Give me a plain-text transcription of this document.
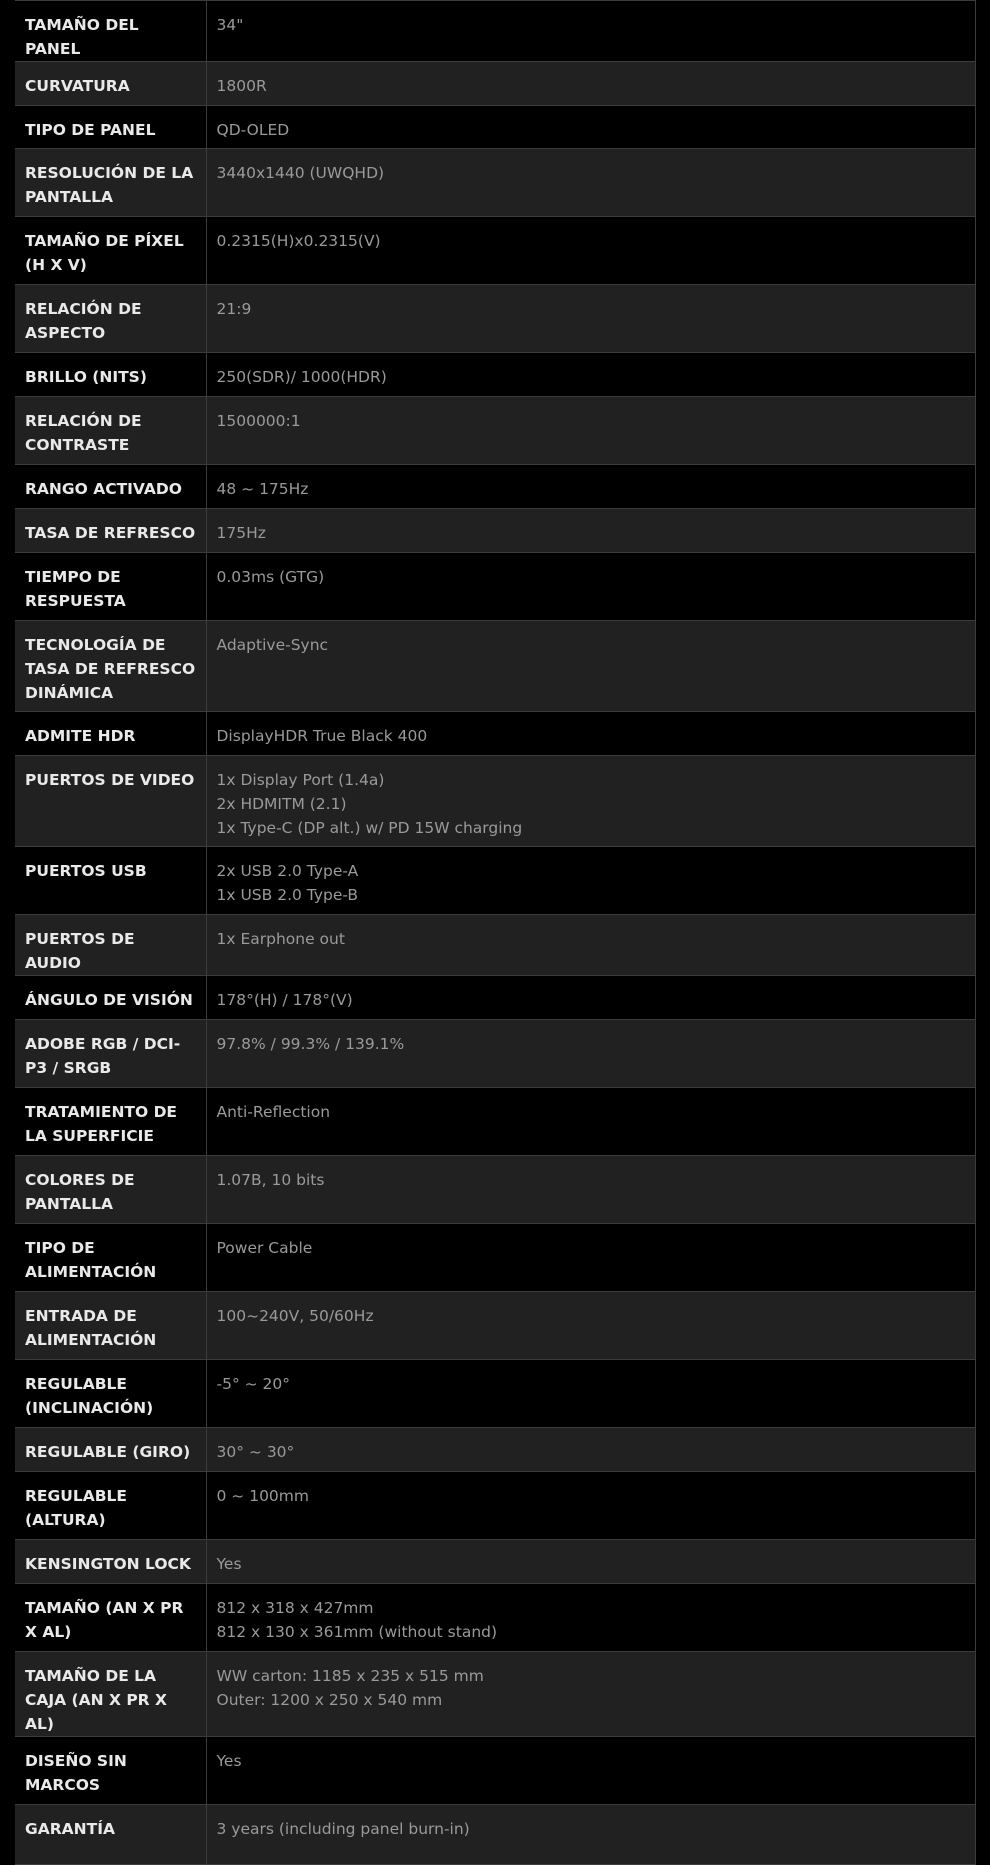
TAMAÑO DEL PANEL	34"

CURVATURA	1800R

TIPO DE PANEL	QD-OLED

RESOLUCIÓN DE LA PANTALLA	3440x1440 (UWQHD)

TAMAÑO DE PÍXEL (H X V)	0.2315(H)x0.2315(V)

RELACIÓN DE ASPECTO	21:9

BRILLO (NITS)	250(SDR)/ 1000(HDR)

RELACIÓN DE CONTRASTE	1500000:1

RANGO ACTIVADO	48 ~ 175Hz

TASA DE REFRESCO	175Hz

TIEMPO DE RESPUESTA	0.03ms (GTG)

TECNOLOGÍA DE TASA DE REFRESCO DINÁMICA	Adaptive-Sync

ADMITE HDR	DisplayHDR True Black 400

PUERTOS DE VIDEO	1x Display Port (1.4a)
2x HDMITM (2.1)
1x Type-C (DP alt.) w/ PD 15W charging

PUERTOS USB	2x USB 2.0 Type-A
1x USB 2.0 Type-B

PUERTOS DE AUDIO	1x Earphone out

ÁNGULO DE VISIÓN	178°(H) / 178°(V)

ADOBE RGB / DCI-P3 / SRGB	97.8% / 99.3% / 139.1%

TRATAMIENTO DE LA SUPERFICIE	Anti-Reflection

COLORES DE PANTALLA	1.07B, 10 bits

TIPO DE ALIMENTACIÓN	Power Cable

ENTRADA DE ALIMENTACIÓN	100~240V, 50/60Hz

REGULABLE (INCLINACIÓN)	-5° ~ 20°

REGULABLE (GIRO)	30° ~ 30°

REGULABLE (ALTURA)	0 ~ 100mm

KENSINGTON LOCK	Yes

TAMAÑO (AN X PR X AL)	812 x 318 x 427mm
812 x 130 x 361mm (without stand)

TAMAÑO DE LA CAJA (AN X PR X AL)	WW carton: 1185 x 235 x 515 mm
Outer: 1200 x 250 x 540 mm

DISEÑO SIN MARCOS	Yes

GARANTÍA	3 years (including panel burn-in)
